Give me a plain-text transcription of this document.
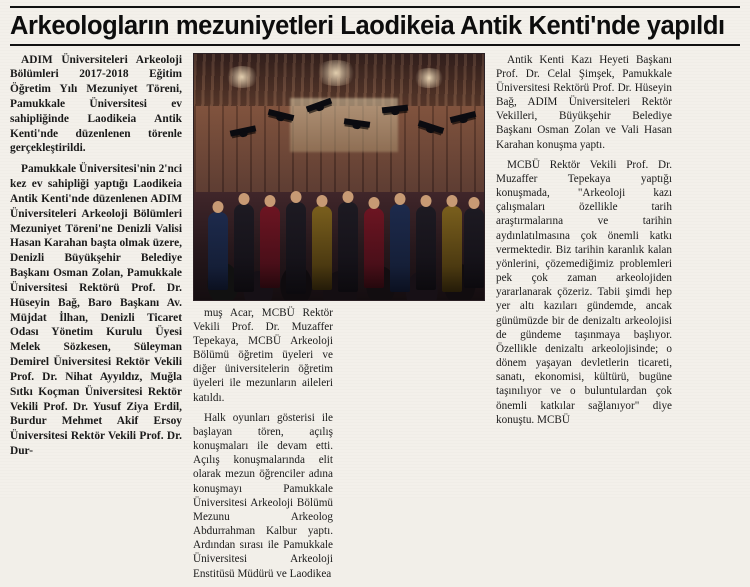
Arkeologların mezuniyetleri Laodikeia Antik Kenti'nde yapıldı

ADIM Üniversiteleri Arkeoloji Bölümleri 2017-2018 Eğitim Öğretim Yılı Mezuniyet Töreni, Pamukkale Üniversitesi ev sahipliğinde Laodikeia Antik Kenti'nde düzenlenen törenle gerçekleştirildi.

Pamukkale Üniversitesi'nin 2'nci kez ev sahipliği yaptığı Laodikeia Antik Kenti'nde düzenlenen ADIM Üniversiteleri Arkeoloji Bölümleri Mezuniyet Töreni'ne Denizli Valisi Hasan Karahan başta olmak üzere, Denizli Büyükşehir Belediye Başkanı Osman Zolan, Pamukkale Üniversitesi Rektörü Prof. Dr. Hüseyin Bağ, Baro Başkanı Av. Müjdat İlhan, Denizli Ticaret Odası Yönetim Kurulu Üyesi Melek Sözkesen, Süleyman Demirel Üniversitesi Rektör Vekili Prof. Dr. Nihat Ayyıldız, Muğla Sıtkı Koçman Üniversitesi Rektör Vekili Prof. Dr. Yusuf Ziya Erdil, Burdur Mehmet Akif Ersoy Üniversitesi Rektör Vekili Prof. Dr. Dur-

muş Acar, MCBÜ Rektör Vekili Prof. Dr. Muzaffer Tepekaya, MCBÜ Arkeoloji Bölümü öğretim üyeleri ve diğer üniversitelerin öğretim üyeleri ile mezunların aileleri katıldı.

Halk oyunları gösterisi ile başlayan tören, açılış konuşmaları ile devam etti. Açılış konuşmalarında elit olarak mezun öğrenciler adına konuşmayı Pamukkale Üniversitesi Arkeoloji Bölümü Mezunu Arkeolog Abdurrahman Kalbur yaptı. Ardından sırası ile Pamukkale Üniversitesi Arkeoloji Enstitüsü Müdürü ve Laodikea

Antik Kenti Kazı Heyeti Başkanı Prof. Dr. Celal Şimşek, Pamukkale Üniversitesi Rektörü Prof. Dr. Hüseyin Bağ, ADIM Üniversiteleri Rektör Vekilleri, Büyükşehir Belediye Başkanı Osman Zolan ve Vali Hasan Karahan konuşma yaptı.

MCBÜ Rektör Vekili Prof. Dr. Muzaffer Tepekaya yaptığı konuşmada, "Arkeoloji kazı çalışmaları özellikle tarih araştırmalarına ve tarihin aydınlatılmasına çok önemli katkı vermektedir. Biz tarihin karanlık kalan yönlerini, çözemediğimiz problemleri pek çok zaman arkeolojiden yararlanarak çözeriz. Tabii şimdi hep yer altı kazıları gündemde, ancak günümüzde bir de denizaltı arkeolojisi de gündeme taşınmaya başlıyor. Özellikle denizaltı arkeolojisinde; o dönem yaşayan devletlerin ticareti, sanatı, ekonomisi, kültürü, bugüne taşınılıyor ve o buluntulardan çok önemli katkılar sağlanıyor" diye konuştu. MCBÜ
